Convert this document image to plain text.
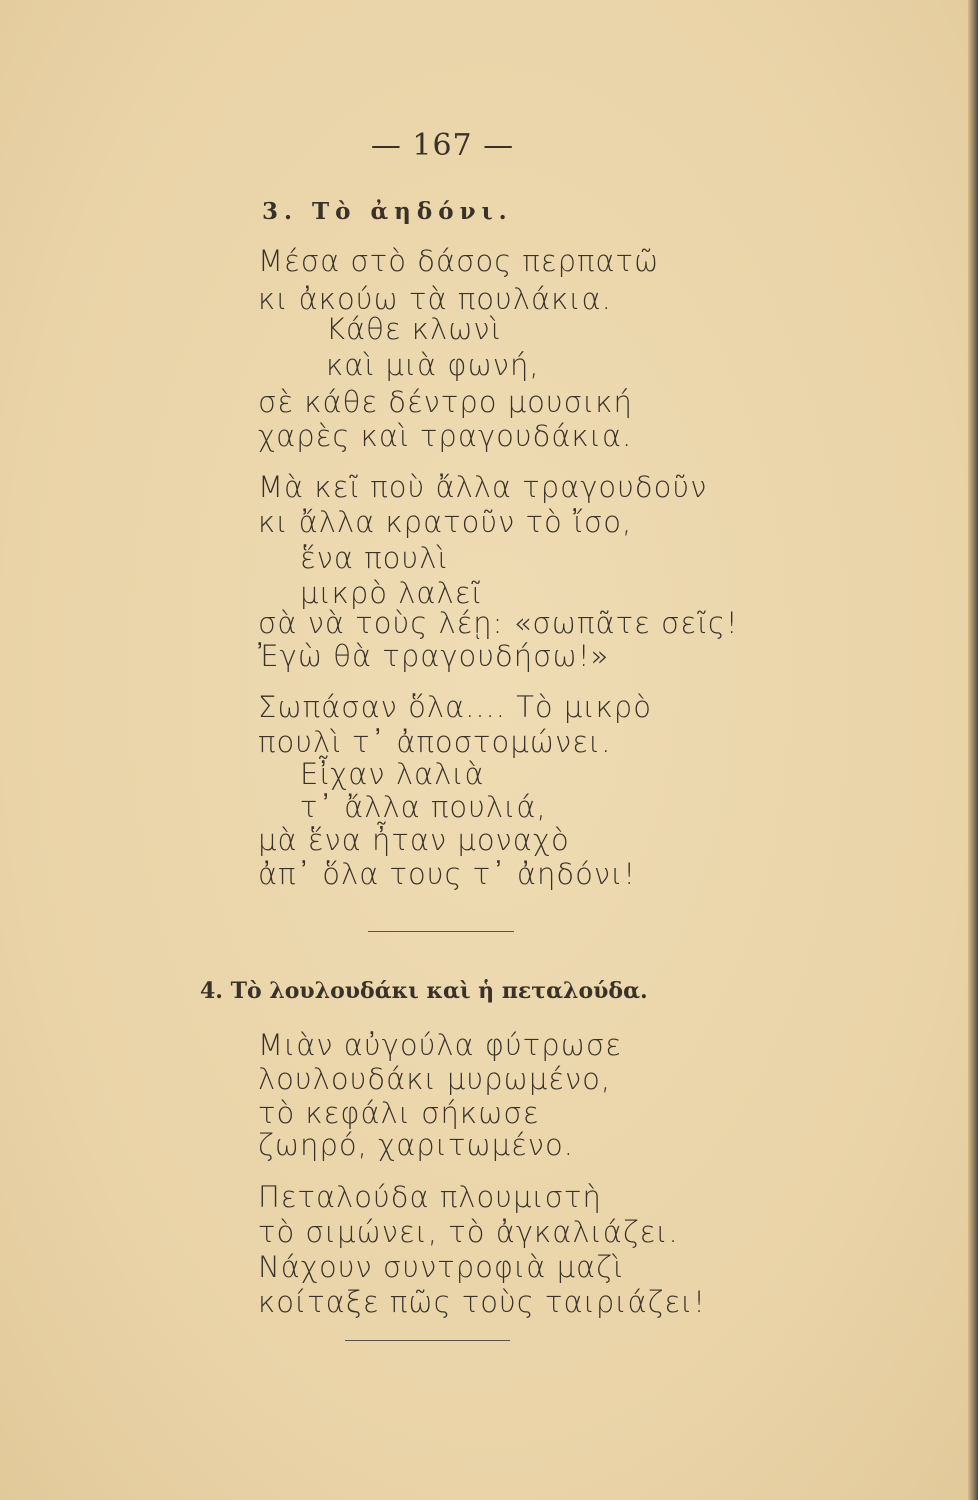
— 167 —
3. Τὸ ἀηδόνι.
Μέσα στὸ δάσος περπατῶ
κι ἀκούω τὰ πουλάκια.
Κάθε κλωνὶ
καὶ μιὰ φωνή,
σὲ κάθε δέντρο μουσική
χαρὲς καὶ τραγουδάκια.
Μὰ κεῖ ποὺ ἄλλα τραγουδοῦν
κι ἄλλα κρατοῦν τὸ ἴσο,
ἕνα πουλὶ
μικρὸ λαλεῖ
σὰ νὰ τοὺς λέῃ: «σωπᾶτε σεῖς!
Ἐγὼ θὰ τραγουδήσω!»
Σωπάσαν ὅλα.... Τὸ μικρὸ
πουλὶ τ᾽ ἀποστομώνει.
Εἶχαν λαλιὰ
τ᾽ ἄλλα πουλιά,
μὰ ἕνα ἦταν μοναχὸ
ἀπ᾽ ὅλα τους τ᾽ ἀηδόνι!
4. Τὸ λουλουδάκι καὶ ἡ πεταλούδα.
Μιὰν αὐγούλα φύτρωσε
λουλουδάκι μυρωμένο,
τὸ κεφάλι σήκωσε
ζωηρό, χαριτωμένο.
Πεταλούδα πλουμιστὴ
τὸ σιμώνει, τὸ ἀγκαλιάζει.
Νάχουν συντροφιὰ μαζὶ
κοίταξε πῶς τοὺς ταιριάζει!
